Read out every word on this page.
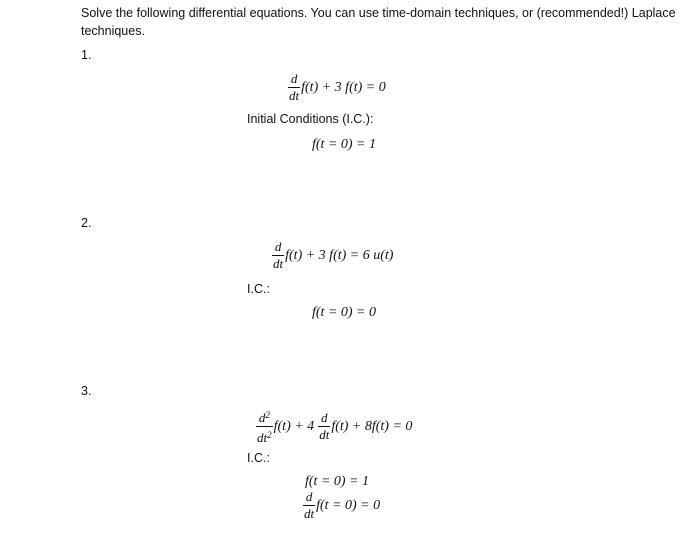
Solve the following differential equations. You can use time-domain techniques, or (recommended!) Laplace techniques.
1.
$\frac{d}{dt} f(t) + 3$ f(t) = 0
Initial Conditions (I.C.):
f(t = 0) = 1
2.
$\frac{d}{dt} f(t) + 3$ f(t) = 6 u(t)
I.C.:
f(t = 0) = 0
3.
$\frac{d^2}{dt^2} f(t) + 4 \frac{d}{dt} f(t) + 8f(t) = 0$
I.C.:
f(t = 0) = 1
$\frac{d}{dt} f(t = 0) = 0$
